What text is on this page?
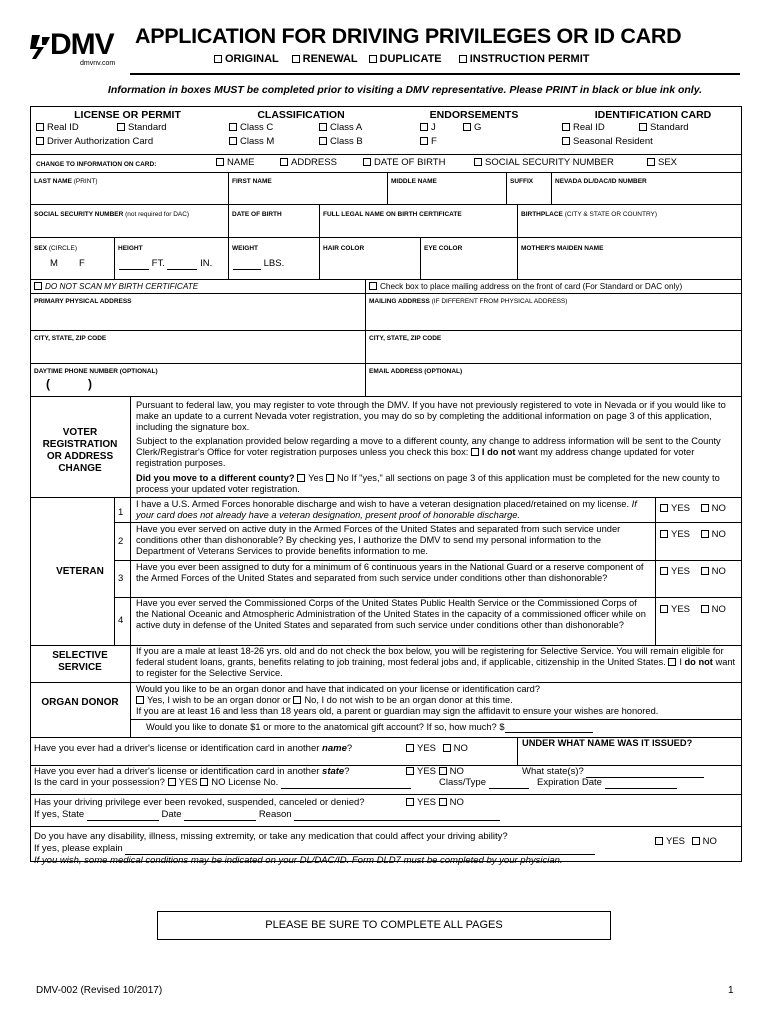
DMV
dmvnv.com
APPLICATION FOR DRIVING PRIVILEGES OR ID CARD
ORIGINAL RENEWAL DUPLICATE	INSTRUCTION PERMIT
Information in boxes MUST be completed prior to visiting a DMV representative. Please PRINT in black or blue ink only.
LICENSE OR PERMIT
Real ID	Standard
Driver Authorization Card
CLASSIFICATION
Class C	Class A
Class M	Class B
ENDORSEMENTS
J	G
F
IDENTIFICATION CARD
Real ID	Standard
Seasonal Resident
CHANGE TO INFORMATION ON CARD:	NAME	ADDRESS	DATE OF BIRTH	SOCIAL SECURITY NUMBER	SEX
LAST NAME (PRINT)	FIRST NAME	MIDDLE NAME	SUFFIX	NEVADA DL/DAC/ID NUMBER
SOCIAL SECURITY NUMBER (not required for DAC)	DATE OF BIRTH	FULL LEGAL NAME ON BIRTH CERTIFICATE	BIRTHPLACE (CITY & STATE OR COUNTRY)
SEX (CIRCLE)
M F
HEIGHT
FT.	IN.
WEIGHT
LBS.
HAIR COLOR	EYE COLOR	MOTHER'S MAIDEN NAME
DO NOT SCAN MY BIRTH CERTIFICATE	Check box to place mailing address on the front of card (For Standard or DAC only)
PRIMARY PHYSICAL ADDRESS	MAILING ADDRESS (IF DIFFERENT FROM PHYSICAL ADDRESS)
CITY, STATE, ZIP CODE	CITY, STATE, ZIP CODE
DAYTIME PHONE NUMBER (OPTIONAL)
(	)
EMAIL ADDRESS (OPTIONAL)
VOTER REGISTRATION OR ADDRESS CHANGE
Pursuant to federal law, you may register to vote through the DMV. If you have not previously registered to vote in Nevada or if you would like to make an update to a current Nevada voter registration, you may do so by completing the additional information on page 3 of this application, including the signature box.
Subject to the explanation provided below regarding a move to a different county, any change to address information will be sent to the County Clerk/Registrar's Office for voter registration purposes unless you check this box: I do not want my address change updated for voter registration purposes.
Did you move to a different county? Yes No If "yes," all sections on page 3 of this application must be completed for the new county to process your updated voter registration.
VETERAN
1
I have a U.S. Armed Forces honorable discharge and wish to have a veteran designation placed/retained on my license. If your card does not already have a veteran designation, present proof of honorable discharge.
YES NO
2
Have you ever served on active duty in the Armed Forces of the United States and separated from such service under conditions other than dishonorable? By checking yes, I authorize the DMV to send my personal information to the Department of Veterans Services to provide benefits information to me.
YES NO
3
Have you ever been assigned to duty for a minimum of 6 continuous years in the National Guard or a reserve component of the Armed Forces of the United States and separated from such service under conditions other than dishonorable?
YES NO
4
Have you ever served the Commissioned Corps of the United States Public Health Service or the Commissioned Corps of the National Oceanic and Atmospheric Administration of the United States in the capacity of a commissioned officer while on active duty in defense of the United States and separated from such service under conditions other than dishonorable?
YES NO
SELECTIVE SERVICE
If you are a male at least 18-26 yrs. old and do not check the box below, you will be registering for Selective Service. You will remain eligible for federal student loans, grants, benefits relating to job training, most federal jobs and, if applicable, citizenship in the United States. I do not want to register for the Selective Service.
ORGAN DONOR
Would you like to be an organ donor and have that indicated on your license or identification card?
Yes, I wish to be an organ donor or No, I do not wish to be an organ donor at this time.
If you are at least 16 and less than 18 years old, a parent or guardian may sign the affidavit to ensure your wishes are honored.
Would you like to donate $1 or more to the anatomical gift account? If so, how much? $
Have you ever had a driver's license or identification card in another name?	YES NO	UNDER WHAT NAME WAS IT ISSUED?
Have you ever had a driver's license or identification card in another state?	YES NO	What state(s)?
Is the card in your possession? YES NO License No.	Class/Type	Expiration Date
Has your driving privilege ever been revoked, suspended, canceled or denied?	YES NO
If yes, State	Date	Reason
Do you have any disability, illness, missing extremity, or take any medication that could affect your driving ability?	YES NO
If yes, please explain
If you wish, some medical conditions may be indicated on your DL/DAC/ID. Form DLD7 must be completed by your physician.
PLEASE BE SURE TO COMPLETE ALL PAGES
DMV-002 (Revised 10/2017)	1
